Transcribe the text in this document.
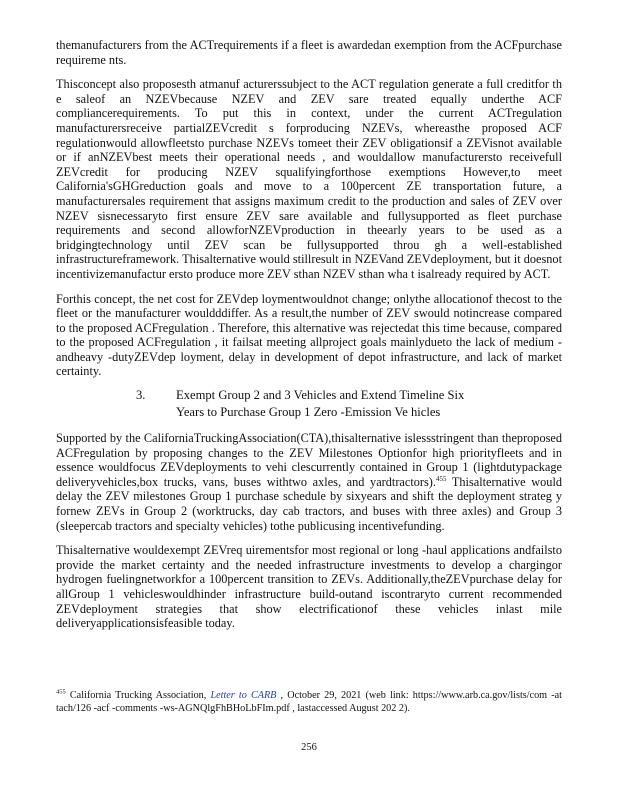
themanufacturers from the ACTrequirements if a fleet is awardedan exemption from the ACFpurchase requireme nts.

Thisconcept also proposesth atmanuf acturerssubject to the ACT regulation generate a full creditfor th e saleof an NZEVbecause NZEV and ZEV sare treated equally underthe ACF compliancerequirements. To put this in context, under the current ACTregulation manufacturersreceive partialZEVcredit s forproducing NZEVs, whereasthe proposed ACF regulationwould allowfleetsto purchase NZEVs tomeet their ZEV obligationsif a ZEVisnot available or if anNZEVbest meets their operational needs , and wouldallow manufacturersto receivefull ZEVcredit for producing NZEV squalifyingforthose exemptions However,to meet California'sGHGreduction goals and move to a 100percent ZE transportation future, a manufacturersales requirement that assigns maximum credit to the production and sales of ZEV over NZEV sisnecessaryto first ensure ZEV sare available and fullysupported as fleet purchase requirements and second allowforNZEVproduction in theearly years to be used as a bridgingtechnology until ZEV scan be fullysupported throu gh a well-established infrastructureframework. Thisalternative would stillresult in NZEVand ZEVdeployment, but it doesnot incentivizemanufactur ersto produce more ZEV sthan NZEV sthan wha t isalready required by ACT.

Forthis concept, the net cost for ZEVdep loymentwouldnot change; onlythe allocationof thecost to the fleet or the manufacturer wouldddiffer. As a result,the number of ZEV swould notincrease compared to the proposed ACFregulation . Therefore, this alternative was rejectedat this time because, compared to the proposed ACFregulation , it failsat meeting allproject goals mainlydueto the lack of medium - andheavy -dutyZEVdep loyment, delay in development of depot infrastructure, and lack of market certainty.

3. Exempt Group 2 and 3 Vehicles and Extend Timeline Six
Years to Purchase Group 1 Zero -Emission Ve hicles

Supported by the CaliforniaTruckingAssociation(CTA),thisalternative islessstringent than theproposed ACFregulation by proposing changes to the ZEV Milestones Optionfor high priorityfleets and in essence wouldfocus ZEVdeployments to vehi clescurrently contained in Group 1 (lightdutypackage deliveryvehicles,box trucks, vans, buses withtwo axles, and yardtractors).$^{455}$ Thisalternative would delay the ZEV milestones Group 1 purchase schedule by sixyears and shift the deployment strateg y fornew ZEVs in Group 2 (worktrucks, day cab tractors, and buses with three axles) and Group 3 (sleepercab tractors and specialty vehicles) tothe publicusing incentivefunding.

Thisalternative wouldexempt ZEVreq uirementsfor most regional or long -haul applications andfailsto provide the market certainty and the needed infrastructure investments to develop a chargingor hydrogen fuelingnetworkfor a 100percent transition to ZEVs. Additionally,theZEVpurchase delay for allGroup 1 vehicleswouldhinder infrastructure build-outand iscontraryto current recommended ZEVdeployment strategies that show electrificationof these vehicles inlast mile deliveryapplicationsisfeasible today.

$^{455}$ California Trucking Association, Letter to CARB , October 29, 2021 (web link: https://www.arb.ca.gov/lists/com -at tach/126 -acf -comments -ws-AGNQlgFhBHoLbFIm.pdf , lastaccessed August 202 2).
256
